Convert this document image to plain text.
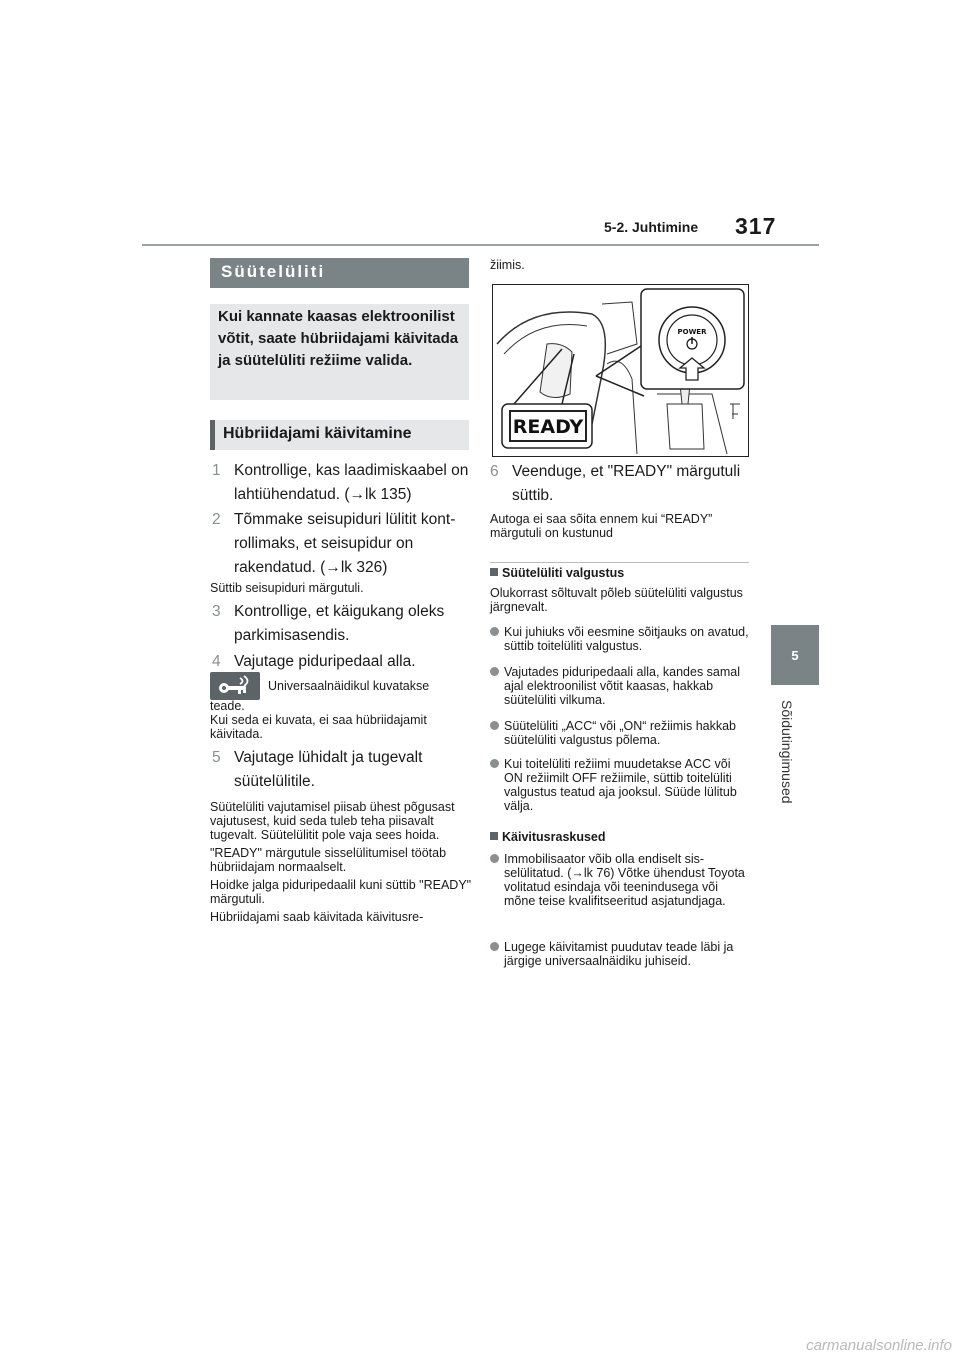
5-2. Juhtimine 317
5
Sõidutingimused
Süütelüliti

Kui kannate kaasas elektroonilist võtit, saate hübriidajami käivitada ja süütelüliti režiime valida.

Hübriidajami käivitamine
1 Kontrollige, kas laadimiskaabel on lahtiühendatud. (→lk 135)
2 Tõmmake seisupiduri lülitit kontrollimaks, et seisupidur on rakendatud. (→lk 326)
Süttib seisupiduri märgutuli.
3 Kontrollige, et käigukang oleks parkimisasendis.
4 Vajutage piduripedaal alla.
Universaalnäidikul kuvatakse

teade.

Kui seda ei kuvata, ei saa hübriidajamit käivitada.

5 Vajutage lühidalt ja tugevalt süütelülitile.

Süütelüliti vajutamisel piisab ühest põgusast vajutusest, kuid seda tuleb teha piisavalt tugevalt. Süütelülitit pole vaja sees hoida.

"READY" märgutule sisselülitumisel töötab hübriidajam normaalselt.

Hoidke jalga piduripedaalil kuni süttib "READY" märgutuli.

Hübriidajami saab käivitada käivitusre-

žiimis.
READY
POWER
6 Veenduge, et "READY" märgutuli süttib.
Autoga ei saa sõita ennem kui “READY” märgutuli on kustunud
Süütelüliti valgustus
Olukorrast sõltuvalt põleb süütelüliti valgustus järgnevalt.
Kui juhiuks või eesmine sõitjauks on avatud, süttib toitelüliti valgustus.
Vajutades piduripedaali alla, kandes samal ajal elektroonilist võtit kaasas, hakkab süütelüliti vilkuma.
Süütelüliti „ACC“ või „ON“ režiimis hakkab süütelüliti valgustus põlema.
Kui toitelüliti režiimi muudetakse ACC või ON režiimilt OFF režiimile, süttib toitelüliti valgustus teatud aja jooksul. Süüde lülitub välja.
Käivitusraskused
Immobilisaator võib olla endiselt sisselülitatud. (→lk 76) Võtke ühendust Toyota volitatud esindaja või teenindusega või mõne teise kvalifitseeritud asjatundjaga.
Lugege käivitamist puudutav teade läbi ja järgige universaalnäidiku juhiseid.
carmanualsonline.info
